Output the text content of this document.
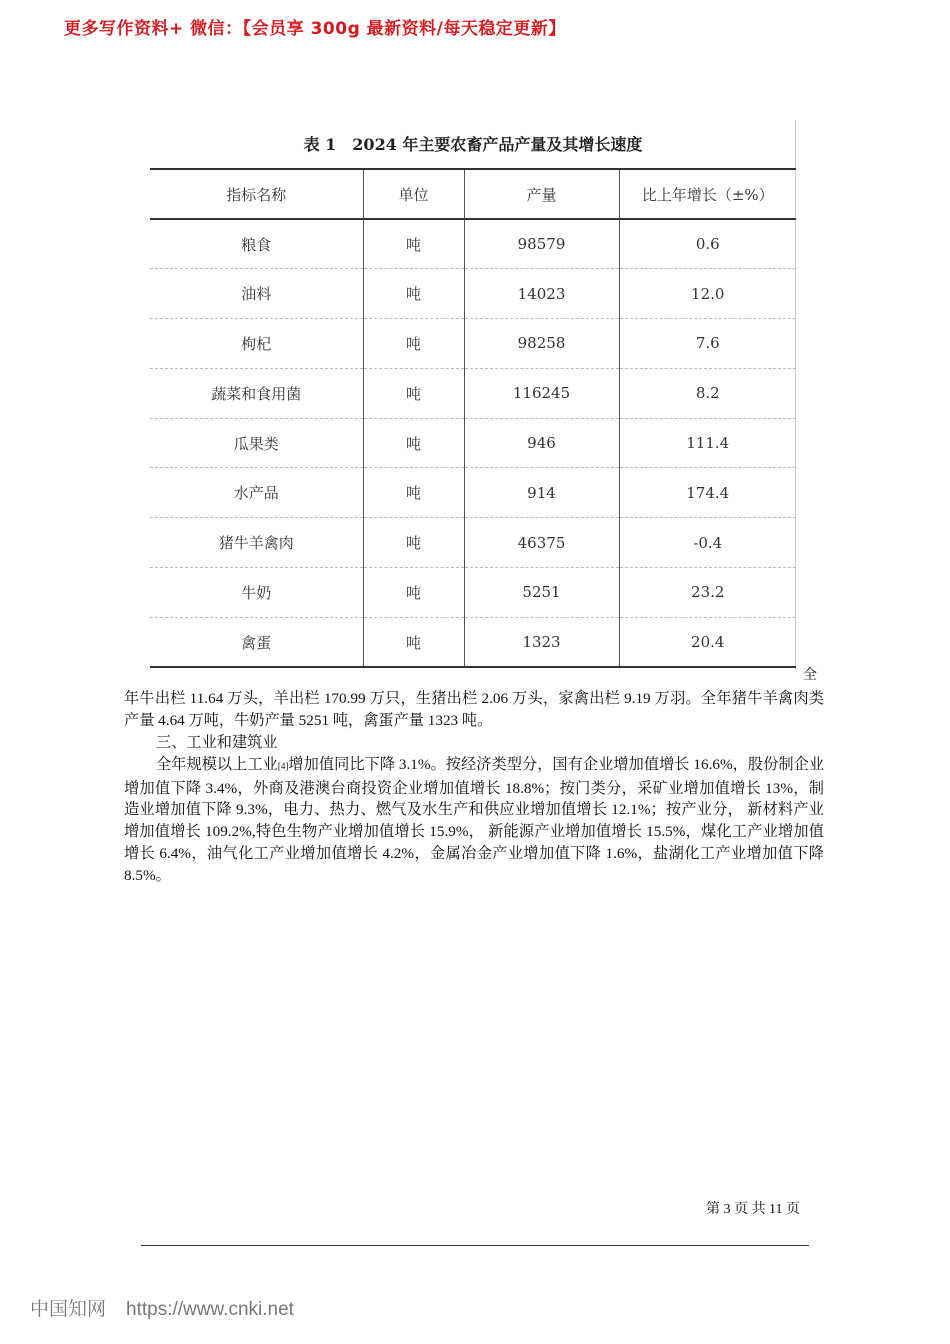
更多写作资料+ 微信：【会员享 300g 最新资料/每天稳定更新】
表 1　2024 年主要农畜产品产量及其增长速度
指标名称	单位	产量	比上年增长（±%）
粮食	吨	98579	0.6
油料	吨	14023	12.0
枸杞	吨	98258	7.6
蔬菜和食用菌	吨	116245	8.2
瓜果类	吨	946	111.4
水产品	吨	914	174.4
猪牛羊禽肉	吨	46375	-0.4
牛奶	吨	5251	23.2
禽蛋	吨	1323	20.4
全
年牛出栏 11.64 万头，羊出栏 170.99 万只，生猪出栏 2.06 万头，家禽出栏 9.19 万羽。全年猪牛羊禽肉类产量 4.64 万吨，牛奶产量 5251 吨，禽蛋产量 1323 吨。
三、工业和建筑业
全年规模以上工业[4]增加值同比下降 3.1%。按经济类型分，国有企业增加值增长 16.6%，股份制企业增加值下降 3.4%，外商及港澳台商投资企业增加值增长 18.8%；按门类分，采矿业增加值增长 13%，制造业增加值下降 9.3%，电力、热力、燃气及水生产和供应业增加值增长 12.1%；按产业分， 新材料产业增加值增长 109.2%,特色生物产业增加值增长 15.9%， 新能源产业增加值增长 15.5%，煤化工产业增加值增长 6.4%，油气化工产业增加值增长 4.2%，金属冶金产业增加值下降 1.6%，盐湖化工产业增加值下降 8.5%。
第 3 页 共 11 页
中国知网 https://www.cnki.net
